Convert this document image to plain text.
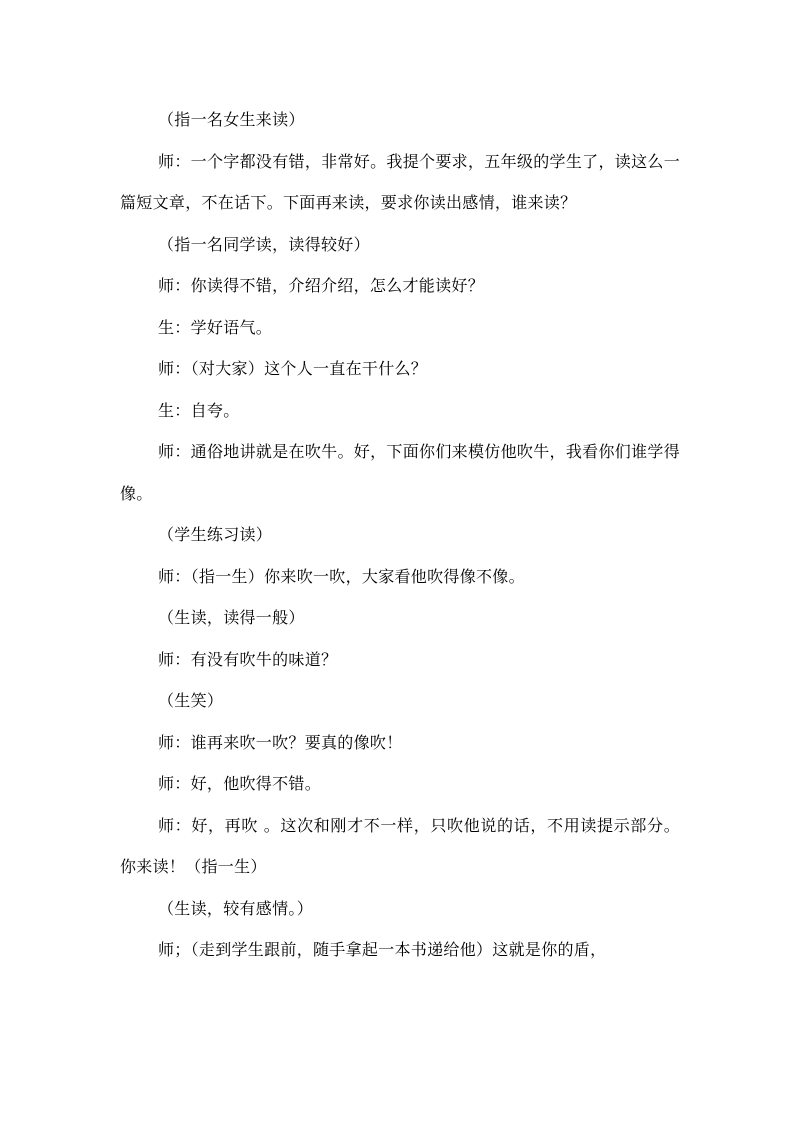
（指一名女生来读）

师：一个字都没有错，非常好。我提个要求，五年级的学生了，读这么一篇短文章，不在话下。下面再来读，要求你读出感情，谁来读？

（指一名同学读，读得较好）

师：你读得不错，介绍介绍，怎么才能读好？

生：学好语气。

师：（对大家）这个人一直在干什么？

生：自夸。

师：通俗地讲就是在吹牛。好，下面你们来模仿他吹牛，我看你们谁学得像。

（学生练习读）

师：（指一生）你来吹一吹，大家看他吹得像不像。

（生读，读得一般）

师：有没有吹牛的味道？

（生笑）

师：谁再来吹一吹？要真的像吹！

师：好，他吹得不错。

师：好，再吹 。这次和刚才不一样，只吹他说的话，不用读提示部分。你来读！（指一生）

（生读，较有感情。）

师；（走到学生跟前，随手拿起一本书递给他）这就是你的盾，
